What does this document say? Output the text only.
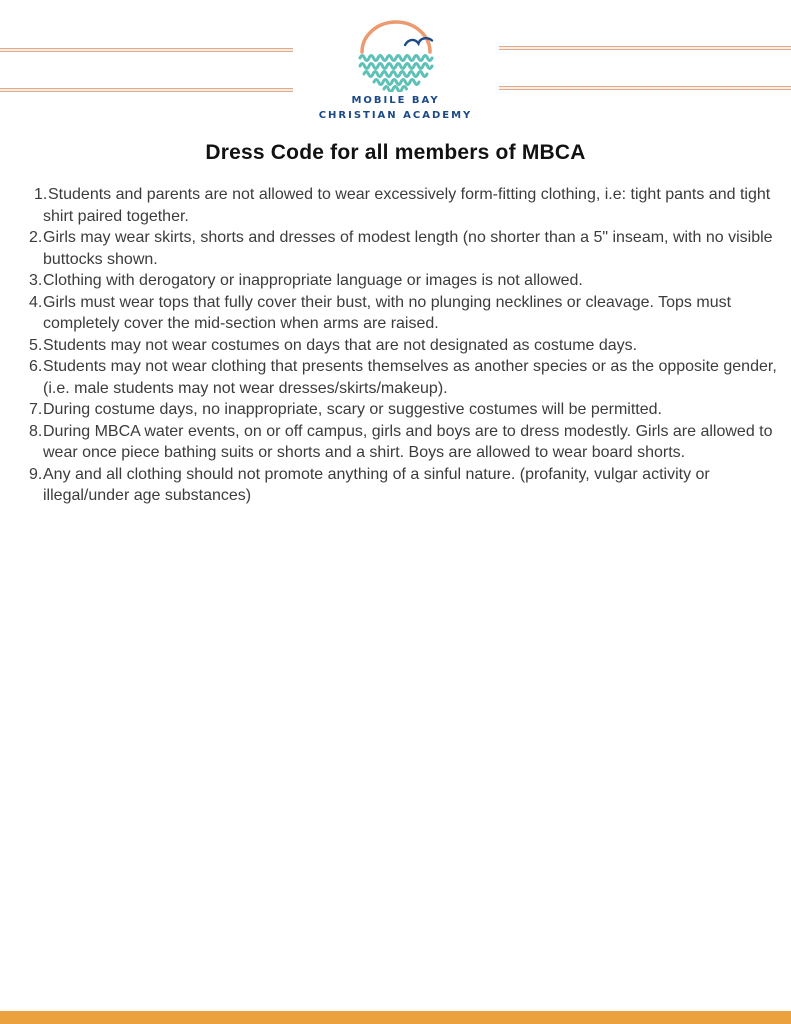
MOBILE BAY
CHRISTIAN ACADEMY
Dress Code for all members of MBCA
Students and parents are not allowed to wear excessively form-fitting clothing, i.e: tight pants and tight shirt paired together.
Girls may wear skirts, shorts and dresses of modest length (no shorter than a 5" inseam, with no visible buttocks shown.
Clothing with derogatory or inappropriate language or images is not allowed.
Girls must wear tops that fully cover their bust, with no plunging necklines or cleavage. Tops must completely cover the mid-section when arms are raised.
Students may not wear costumes on days that are not designated as costume days.
Students may not wear clothing that presents themselves as another species or as the opposite gender, (i.e. male students may not wear dresses/skirts/makeup).
During costume days, no inappropriate, scary or suggestive costumes will be permitted.
During MBCA water events, on or off campus, girls and boys are to dress modestly. Girls are allowed to wear once piece bathing suits or shorts and a shirt. Boys are allowed to wear board shorts.
Any and all clothing should not promote anything of a sinful nature. (profanity, vulgar activity or illegal/under age substances)
